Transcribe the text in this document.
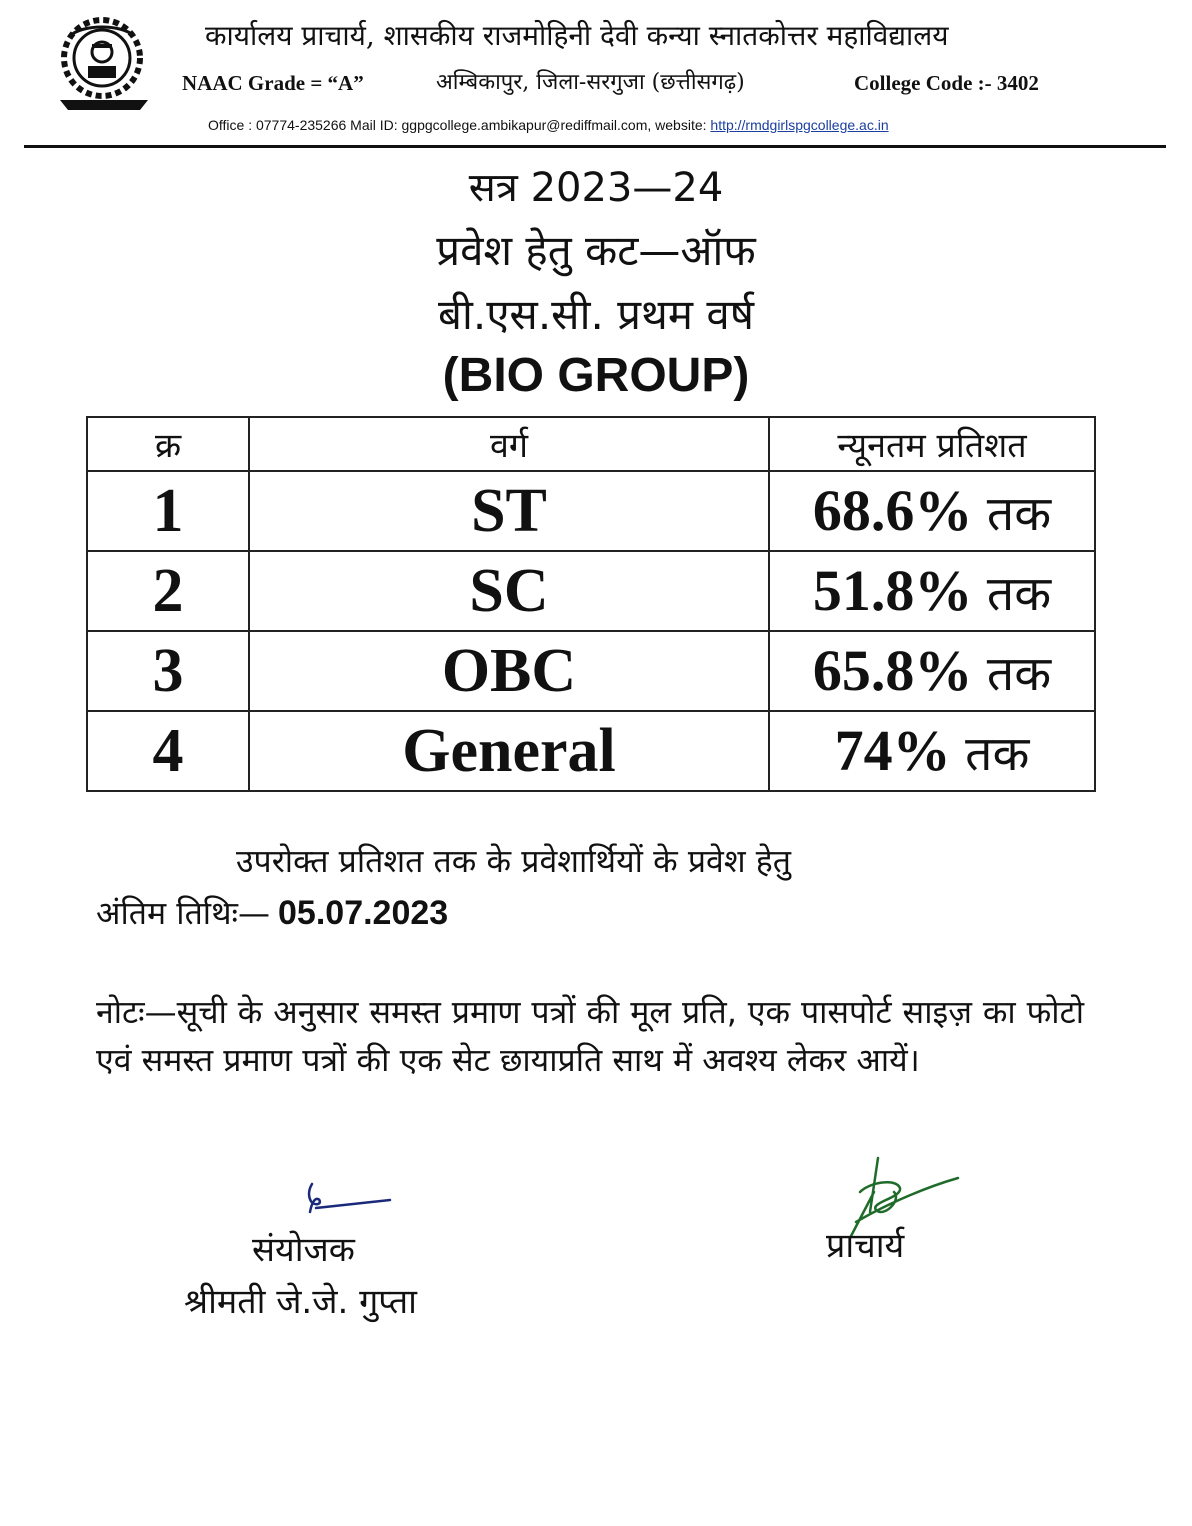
कार्यालय प्राचार्य, शासकीय राजमोहिनी देवी कन्या स्नातकोत्तर महाविद्यालय
NAAC Grade = “A”	अम्बिकापुर, जिला-सरगुजा (छत्तीसगढ़)	College Code :- 3402
Office : 07774-235266 Mail ID: ggpgcollege.ambikapur@rediffmail.com, website: http://rmdgirlspgcollege.ac.in
सत्र 2023—24
प्रवेश हेतु कट—ऑफ
बी.एस.सी. प्रथम वर्ष
(BIO GROUP)
क्र	वर्ग	न्यूनतम प्रतिशत
1	ST	68.6% तक
2	SC	51.8% तक
3	OBC	65.8% तक
4	General	74% तक
उपरोक्त प्रतिशत तक के प्रवेशार्थियों के प्रवेश हेतु
अंतिम तिथिः— 05.07.2023
नोटः—सूची के अनुसार समस्त प्रमाण पत्रों की मूल प्रति, एक पासपोर्ट साइज़ का फोटो एवं समस्त प्रमाण पत्रों की एक सेट छायाप्रति साथ में अवश्य लेकर आयें।
संयोजक
श्रीमती जे.जे. गुप्ता
प्राचार्य
